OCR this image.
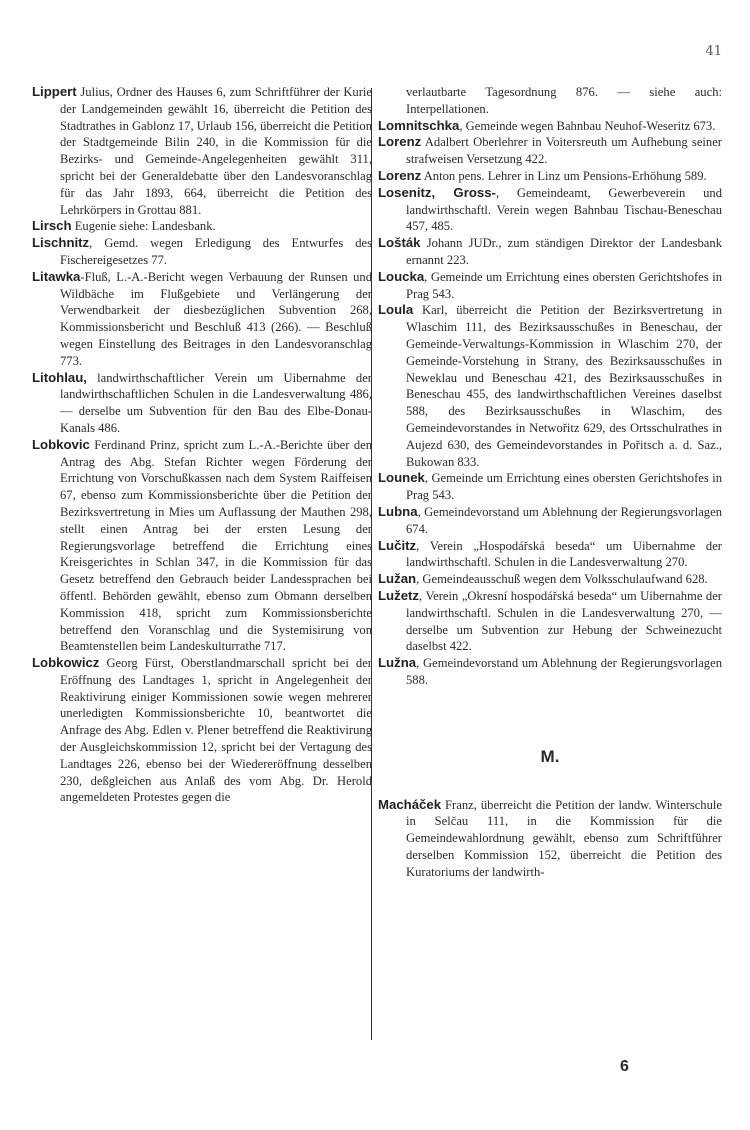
41

Lippert Julius, Ordner des Hauses 6, zum Schriftführer der Kurie der Landgemeinden gewählt 16, überreicht die Petition des Stadtrathes in Gablonz 17, Urlaub 156, überreicht die Petition der Stadtgemeinde Bilin 240, in die Kommission für die Bezirks- und Gemeinde-Angelegenheiten gewählt 311, spricht bei der Generaldebatte über den Landesvoranschlag für das Jahr 1893, 664, überreicht die Petition des Lehrkörpers in Grottau 881.

Lirsch Eugenie siehe: Landesbank.

Lischnitz, Gemd. wegen Erledigung des Entwurfes des Fischereigesetzes 77.

Litawka-Fluß, L.-A.-Bericht wegen Verbauung der Runsen und Wildbäche im Flußgebiete und Verlängerung der Verwendbarkeit der diesbezüglichen Subvention 268, Kommissionsbericht und Beschluß 413 (266). — Beschluß wegen Einstellung des Beitrages in den Landesvoranschlag 773.

Litohlau, landwirthschaftlicher Verein um Uibernahme der landwirthschaftlichen Schulen in die Landesverwaltung 486, — derselbe um Subvention für den Bau des Elbe-Donau-Kanals 486.

Lobkovic Ferdinand Prinz, spricht zum L.-A.-Berichte über den Antrag des Abg. Stefan Richter wegen Förderung der Errichtung von Vorschußkassen nach dem System Raiffeisen 67, ebenso zum Kommissionsberichte über die Petition der Bezirksvertretung in Mies um Auflassung der Mauthen 298, stellt einen Antrag bei der ersten Lesung der Regierungsvorlage betreffend die Errichtung eines Kreisgerichtes in Schlan 347, in die Kommission für das Gesetz betreffend den Gebrauch beider Landessprachen bei öffentl. Behörden gewählt, ebenso zum Obmann derselben Kommission 418, spricht zum Kommissionsberichte betreffend den Voranschlag und die Systemisirung von Beamtenstellen beim Landeskulturrathe 717.

Lobkowicz Georg Fürst, Oberstlandmarschall spricht bei der Eröffnung des Landtages 1, spricht in Angelegenheit der Reaktivirung einiger Kommissionen sowie wegen mehrerer unerledigten Kommissionsberichte 10, beantwortet die Anfrage des Abg. Edlen v. Plener betreffend die Reaktivirung der Ausgleichskommission 12, spricht bei der Vertagung des Landtages 226, ebenso bei der Wiedereröffnung desselben 230, deßgleichen aus Anlaß des vom Abg. Dr. Herold angemeldeten Protestes gegen die

verlautbarte Tagesordnung 876. — siehe auch: Interpellationen.

Lomnitschka, Gemeinde wegen Bahnbau Neuhof-Weseritz 673.

Lorenz Adalbert Oberlehrer in Voitersreuth um Aufhebung seiner strafweisen Versetzung 422.

Lorenz Anton pens. Lehrer in Linz um Pensions-Erhöhung 589.

Losenitz, Gross-, Gemeindeamt, Gewerbeverein und landwirthschaftl. Verein wegen Bahnbau Tischau-Beneschau 457, 485.

Lošták Johann JUDr., zum ständigen Direktor der Landesbank ernannt 223.

Loucka, Gemeinde um Errichtung eines obersten Gerichtshofes in Prag 543.

Loula Karl, überreicht die Petition der Bezirksvertretung in Wlaschim 111, des Bezirksausschußes in Beneschau, der Gemeinde-Verwaltungs-Kommission in Wlaschim 270, der Gemeinde-Vorstehung in Strany, des Bezirksausschußes in Neweklau und Beneschau 421, des Bezirksausschußes in Beneschau 455, des landwirthschaftlichen Vereines daselbst 588, des Bezirksausschußes in Wlaschim, des Gemeindevorstandes in Netwořitz 629, des Ortsschulrathes in Aujezd 630, des Gemeindevorstandes in Pořitsch a. d. Saz., Bukowan 833.

Lounek, Gemeinde um Errichtung eines obersten Gerichtshofes in Prag 543.

Lubna, Gemeindevorstand um Ablehnung der Regierungsvorlagen 674.

Lučitz, Verein „Hospodářská beseda“ um Uibernahme der landwirthschaftl. Schulen in die Landesverwaltung 270.

Lužan, Gemeindeausschuß wegen dem Volksschulaufwand 628.

Lužetz, Verein „Okresní hospodářská beseda“ um Uibernahme der landwirthschaftl. Schulen in die Landesverwaltung 270, — derselbe um Subvention zur Hebung der Schweinezucht daselbst 422.

Lužna, Gemeindevorstand um Ablehnung der Regierungsvorlagen 588.

M.

Macháček Franz, überreicht die Petition der landw. Winterschule in Selčau 111, in die Kommission für die Gemeindewahlordnung gewählt, ebenso zum Schriftführer derselben Kommission 152, überreicht die Petition des Kuratoriums der landwirth-

6
